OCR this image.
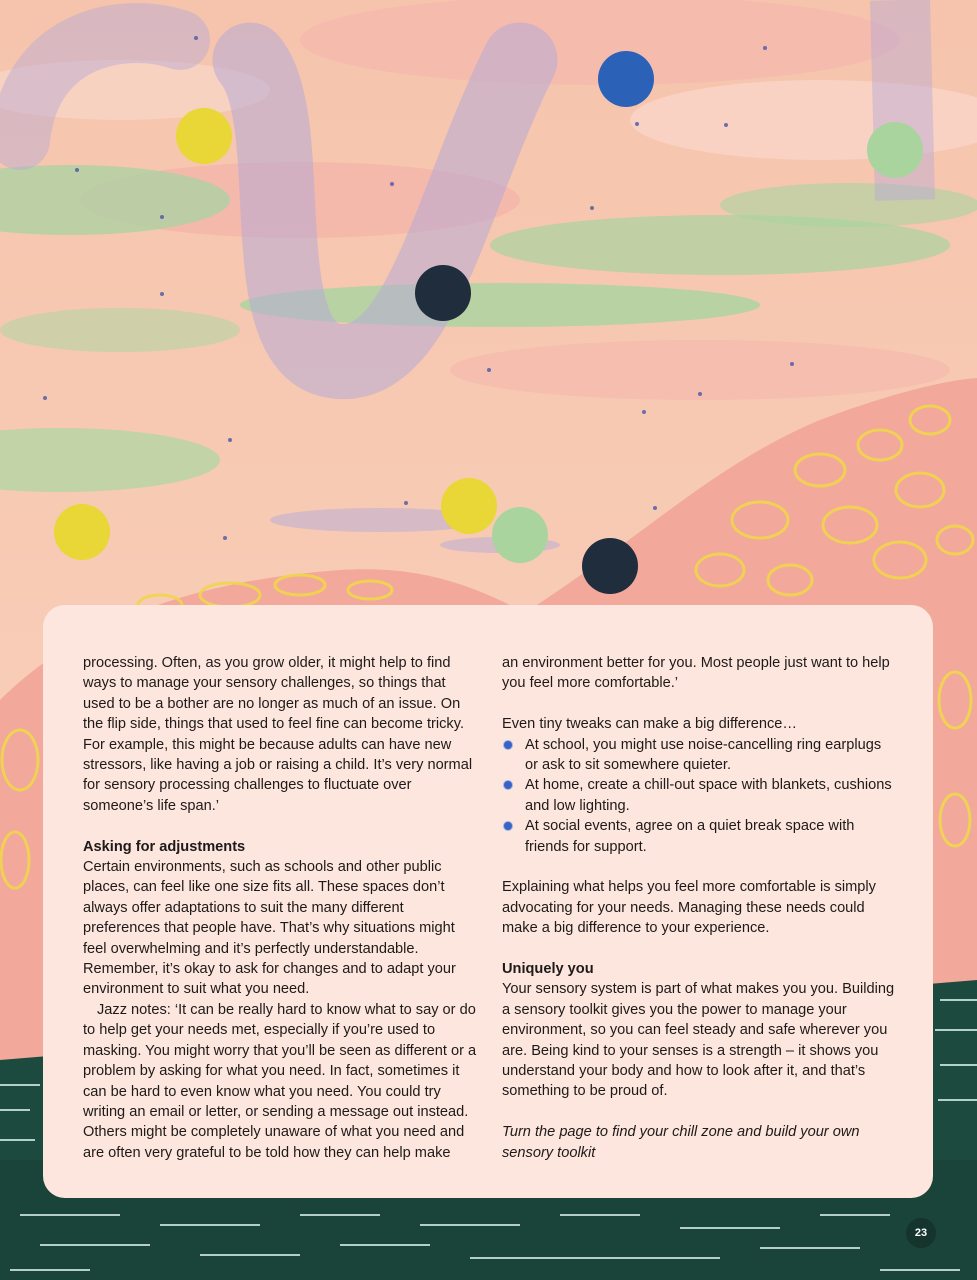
processing. Often, as you grow older, it might help to find ways to manage your sensory challenges, so things that used to be a bother are no longer as much of an issue. On the flip side, things that used to feel fine can become tricky. For example, this might be because adults can have new stressors, like having a job or raising a child. It’s very normal for sensory processing challenges to fluctuate over someone’s life span.’

Asking for adjustments

Certain environments, such as schools and other public places, can feel like one size fits all. These spaces don’t always offer adaptations to suit the many different preferences that people have. That’s why situations might feel overwhelming and it’s perfectly understandable. Remember, it’s okay to ask for changes and to adapt your environment to suit what you need.

Jazz notes: ‘It can be really hard to know what to say or do to help get your needs met, especially if you’re used to masking. You might worry that you’ll be seen as different or a problem by asking for what you need. In fact, sometimes it can be hard to even know what you need. You could try writing an email or letter, or sending a message out instead. Others might be completely unaware of what you need and are often very grateful to be told how they can help make

an environment better for you. Most people just want to help you feel more comfortable.’

Even tiny tweaks can make a big difference…

At school, you might use noise-cancelling ring earplugs or ask to sit somewhere quieter.
At home, create a chill-out space with blankets, cushions and low lighting.
At social events, agree on a quiet break space with friends for support.

Explaining what helps you feel more comfortable is simply advocating for your needs. Managing these needs could make a big difference to your experience.

Uniquely you

Your sensory system is part of what makes you you. Building a sensory toolkit gives you the power to manage your environment, so you can feel steady and safe wherever you are. Being kind to your senses is a strength – it shows you understand your body and how to look after it, and that’s something to be proud of.

Turn the page to find your chill zone and build your own sensory toolkit

23
